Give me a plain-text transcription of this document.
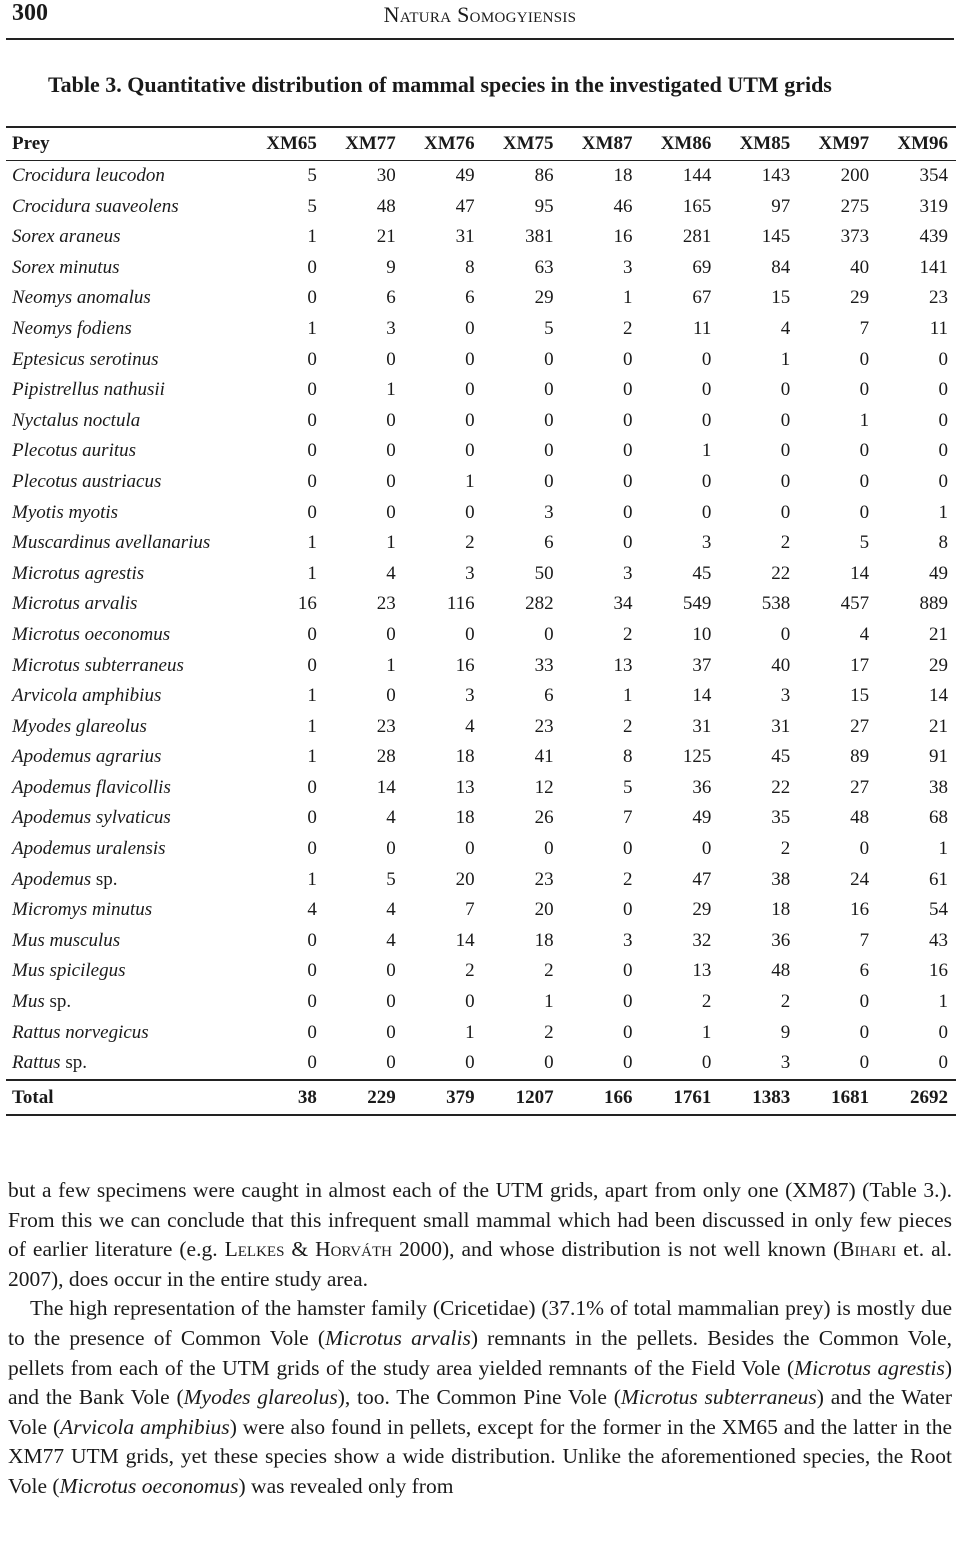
300	Natura Somogyiensis
Table 3. Quantitative distribution of mammal species in the investigated UTM grids
Prey	XM65	XM77	XM76	XM75	XM87	XM86	XM85	XM97	XM96
Crocidura leucodon	5	30	49	86	18	144	143	200	354
Crocidura suaveolens	5	48	47	95	46	165	97	275	319
Sorex araneus	1	21	31	381	16	281	145	373	439
Sorex minutus	0	9	8	63	3	69	84	40	141
Neomys anomalus	0	6	6	29	1	67	15	29	23
Neomys fodiens	1	3	0	5	2	11	4	7	11
Eptesicus serotinus	0	0	0	0	0	0	1	0	0
Pipistrellus nathusii	0	1	0	0	0	0	0	0	0
Nyctalus noctula	0	0	0	0	0	0	0	1	0
Plecotus auritus	0	0	0	0	0	1	0	0	0
Plecotus austriacus	0	0	1	0	0	0	0	0	0
Myotis myotis	0	0	0	3	0	0	0	0	1
Muscardinus avellanarius	1	1	2	6	0	3	2	5	8
Microtus agrestis	1	4	3	50	3	45	22	14	49
Microtus arvalis	16	23	116	282	34	549	538	457	889
Microtus oeconomus	0	0	0	0	2	10	0	4	21
Microtus subterraneus	0	1	16	33	13	37	40	17	29
Arvicola amphibius	1	0	3	6	1	14	3	15	14
Myodes glareolus	1	23	4	23	2	31	31	27	21
Apodemus agrarius	1	28	18	41	8	125	45	89	91
Apodemus flavicollis	0	14	13	12	5	36	22	27	38
Apodemus sylvaticus	0	4	18	26	7	49	35	48	68
Apodemus uralensis	0	0	0	0	0	0	2	0	1
Apodemus sp.	1	5	20	23	2	47	38	24	61
Micromys minutus	4	4	7	20	0	29	18	16	54
Mus musculus	0	4	14	18	3	32	36	7	43
Mus spicilegus	0	0	2	2	0	13	48	6	16
Mus sp.	0	0	0	1	0	2	2	0	1
Rattus norvegicus	0	0	1	2	0	1	9	0	0
Rattus sp.	0	0	0	0	0	0	3	0	0
Total	38	229	379	1207	166	1761	1383	1681	2692

but a few specimens were caught in almost each of the UTM grids, apart from only one (XM87) (Table 3.). From this we can conclude that this infrequent small mammal which had been discussed in only few pieces of earlier literature (e.g. Lelkes & Horváth 2000), and whose distribution is not well known (Bihari et. al. 2007), does occur in the entire study area.

The high representation of the hamster family (Cricetidae) (37.1% of total mammalian prey) is mostly due to the presence of Common Vole (Microtus arvalis) remnants in the pellets. Besides the Common Vole, pellets from each of the UTM grids of the study area yielded remnants of the Field Vole (Microtus agrestis) and the Bank Vole (Myodes glareolus), too. The Common Pine Vole (Microtus subterraneus) and the Water Vole (Arvicola amphibius) were also found in pellets, except for the former in the XM65 and the latter in the XM77 UTM grids, yet these species show a wide distribution. Unlike the aforementioned species, the Root Vole (Microtus oeconomus) was revealed only from
